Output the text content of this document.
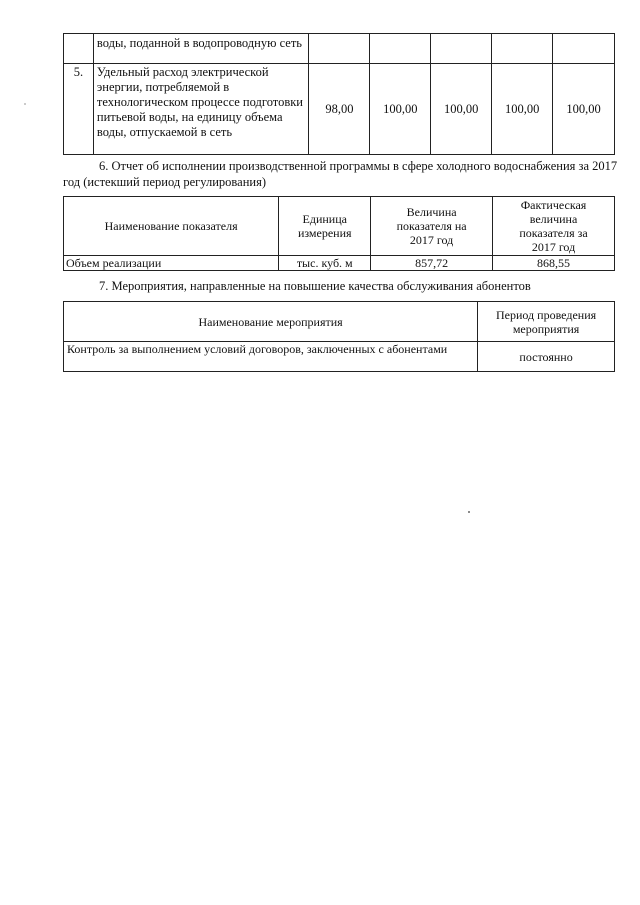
	воды, поданной в водопроводную сеть					
5.	Удельный расход электрической энергии, потребляемой в технологическом процессе подготовки питьевой воды, на единицу объема воды, отпускаемой в сеть	98,00	100,00	100,00	100,00	100,00
6. Отчет об исполнении производственной программы в сфере холодного водоснабжения за 2017 год (истекший период регулирования)
Наименование показателя	Единица измерения	Величина показателя на 2017 год	Фактическая величина показателя за 2017 год
Объем реализации	тыс. куб. м	857,72	868,55
7. Мероприятия, направленные на повышение качества обслуживания абонентов
Наименование мероприятия	Период проведения мероприятия
Контроль за выполнением условий договоров, заключенных с абонентами	постоянно
